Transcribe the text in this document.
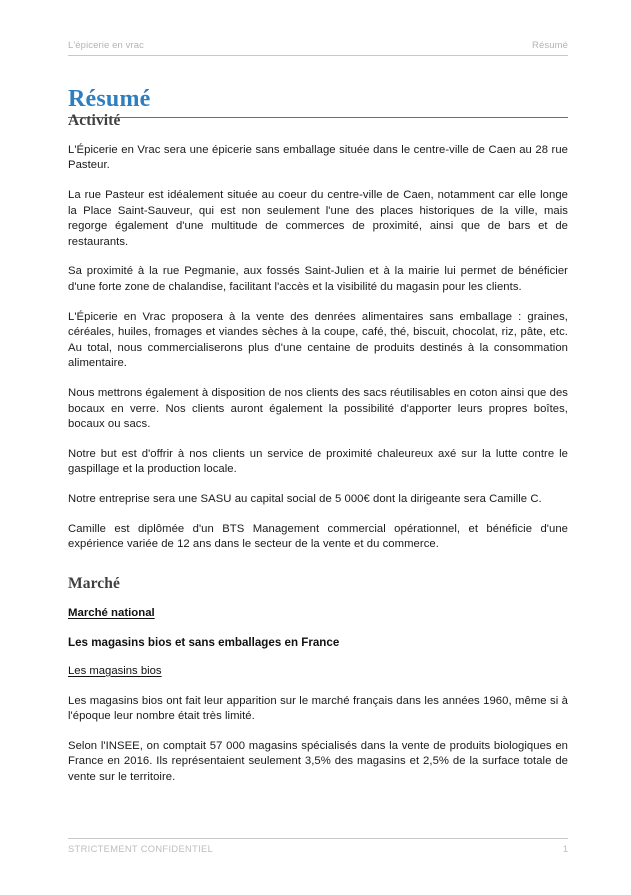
L'épicerie en vrac	Résumé
Résumé
Activité

L'Épicerie en Vrac sera une épicerie sans emballage située dans le centre-ville de Caen au 28 rue Pasteur.

La rue Pasteur est idéalement située au coeur du centre-ville de Caen, notamment car elle longe la Place Saint-Sauveur, qui est non seulement l'une des places historiques de la ville, mais regorge également d'une multitude de commerces de proximité, ainsi que de bars et de restaurants.

Sa proximité à la rue Pegmanie, aux fossés Saint-Julien et à la mairie lui permet de bénéficier d'une forte zone de chalandise, facilitant l'accès et la visibilité du magasin pour les clients.

L'Épicerie en Vrac proposera à la vente des denrées alimentaires sans emballage : graines, céréales, huiles, fromages et viandes sèches à la coupe, café, thé, biscuit, chocolat, riz, pâte, etc. Au total, nous commercialiserons plus d'une centaine de produits destinés à la consommation alimentaire.

Nous mettrons également à disposition de nos clients des sacs réutilisables en coton ainsi que des bocaux en verre. Nos clients auront également la possibilité d'apporter leurs propres boîtes, bocaux ou sacs.

Notre but est d'offrir à nos clients un service de proximité chaleureux axé sur la lutte contre le gaspillage et la production locale.

Notre entreprise sera une SASU au capital social de 5 000€ dont la dirigeante sera Camille C.

Camille est diplômée d'un BTS Management commercial opérationnel, et bénéficie d'une expérience variée de 12 ans dans le secteur de la vente et du commerce.

Marché
Marché national
Les magasins bios et sans emballages en France
Les magasins bios

Les magasins bios ont fait leur apparition sur le marché français dans les années 1960, même si à l'époque leur nombre était très limité.

Selon l'INSEE, on comptait 57 000 magasins spécialisés dans la vente de produits biologiques en France en 2016. Ils représentaient seulement 3,5% des magasins et 2,5% de la surface totale de vente sur le territoire.

STRICTEMENT CONFIDENTIEL	1
